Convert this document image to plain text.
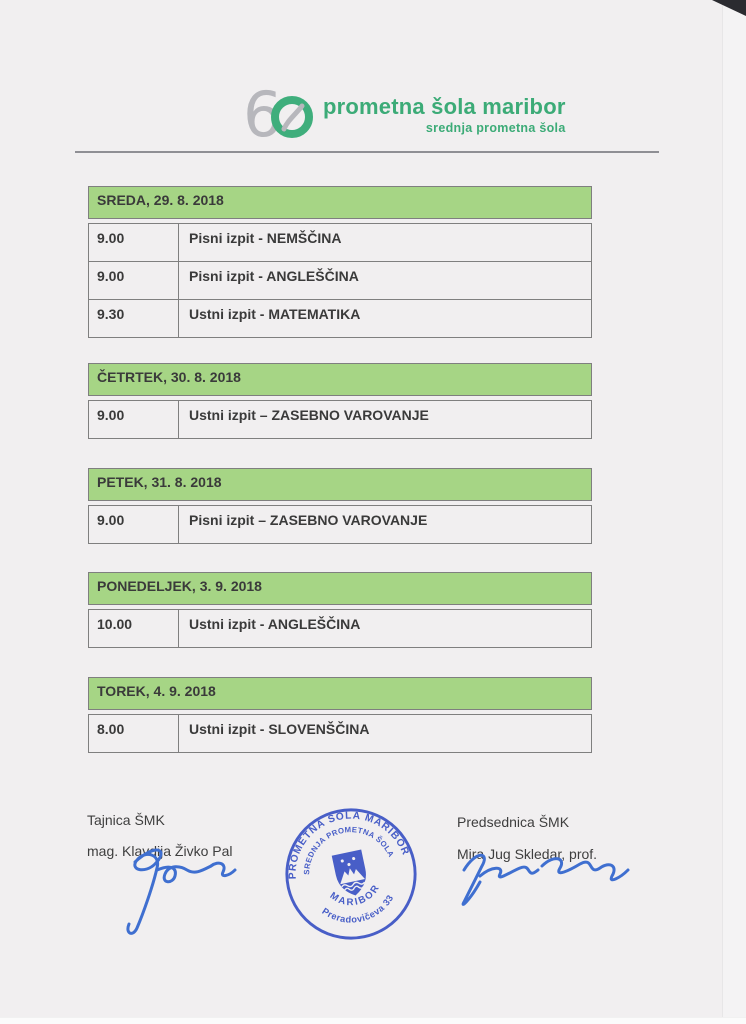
6 prometna šola maribor
srednja prometna šola
SREDA, 29. 8. 2018
9.00	Pisni izpit - NEMŠČINA
9.00	Pisni izpit - ANGLEŠČINA
9.30	Ustni izpit - MATEMATIKA
ČETRTEK, 30. 8. 2018
9.00	Ustni izpit – ZASEBNO VAROVANJE
PETEK, 31. 8. 2018
9.00	Pisni izpit – ZASEBNO VAROVANJE
PONEDELJEK, 3. 9. 2018
10.00	Ustni izpit - ANGLEŠČINA
TOREK, 4. 9. 2018
8.00	Ustni izpit - SLOVENŠČINA
Tajnica ŠMK
mag. Klavdija Živko Pal
Predsednica ŠMK
Mira Jug Skledar, prof.
PROMETNA ŠOLA MARIBOR
SREDNJA PROMETNA ŠOLA
MARIBOR
Preradovičeva 33
